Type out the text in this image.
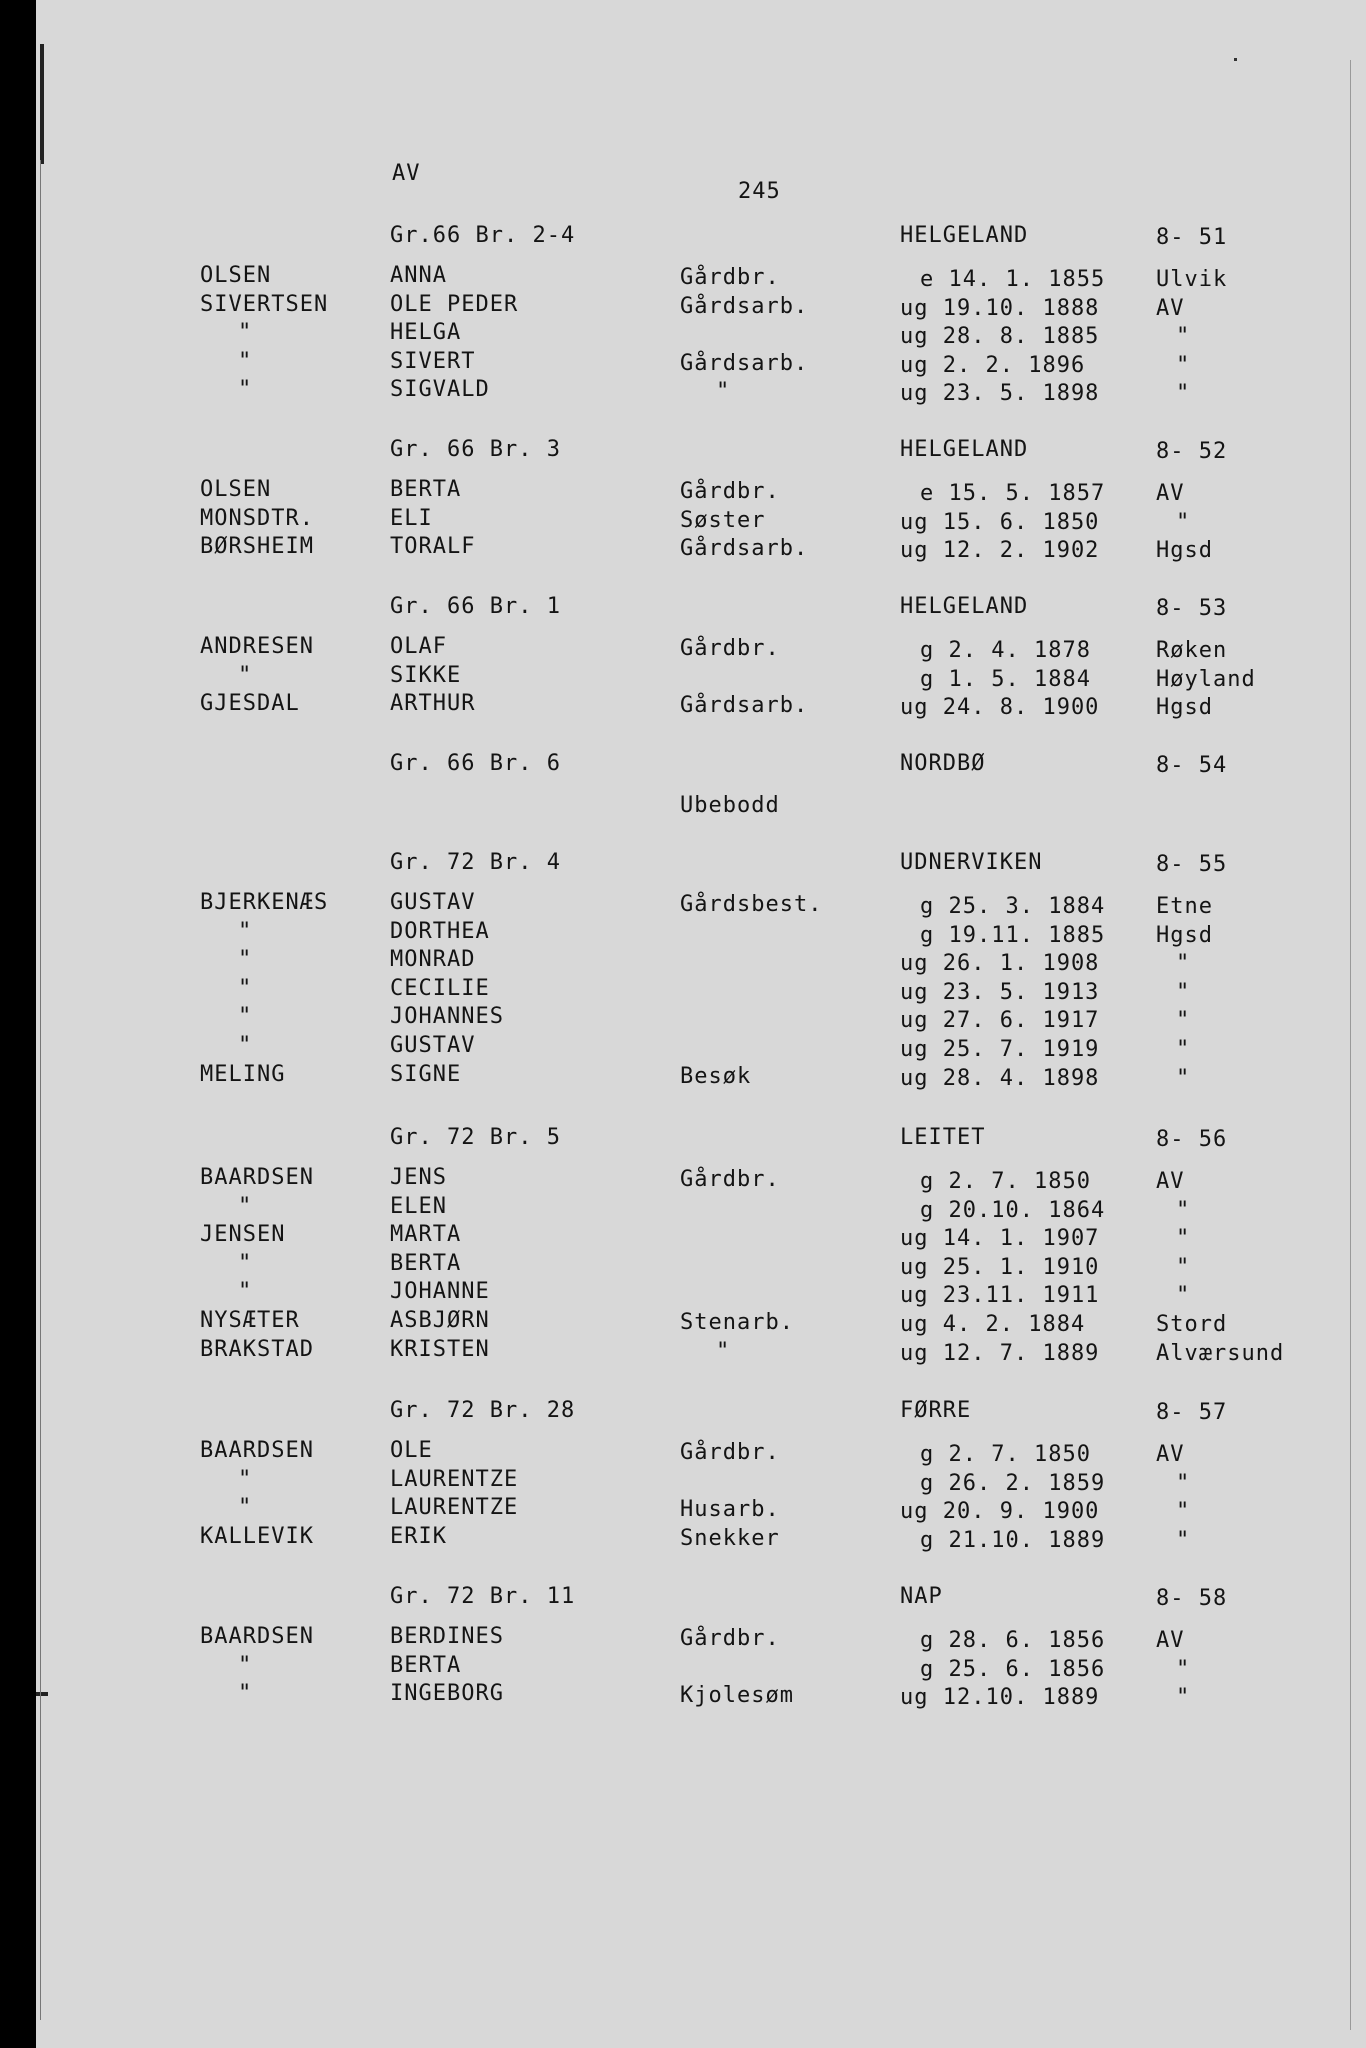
AV
245
Gr.66 Br. 2-4	HELGELAND	8- 51
OLSEN	ANNA	Gårdbr.	e 14. 1. 1855 Ulvik
SIVERTSEN	OLE PEDER	Gårdsarb.	ug 19.10. 1888	AV
"	HELGA	ug 28. 8. 1885	"
"	SIVERT	Gårdsarb.	ug 2. 2. 1896	"
"	SIGVALD	"	ug 23. 5. 1898	"
Gr. 66 Br. 3	HELGELAND	8- 52
OLSEN	BERTA	Gårdbr.	e 15. 5. 1857 AV
MONSDTR.	ELI	Søster	ug 15. 6. 1850	"
BØRSHEIM	TORALF	Gårdsarb.	ug 12. 2. 1902	Hgsd
Gr. 66 Br. 1	HELGELAND	8- 53
ANDRESEN	OLAF	Gårdbr.	g 2. 4. 1878	Røken
"	SIKKE	g 1. 5. 1884	Høyland
GJESDAL	ARTHUR	Gårdsarb.	ug 24. 8. 1900	Hgsd
Gr. 66 Br. 6	NORDBØ	8- 54
Ubebodd
Gr. 72 Br. 4	UDNERVIKEN	8- 55
BJERKENÆS	GUSTAV	Gårdsbest.	g 25. 3. 1884 Etne
"	DORTHEA	g 19.11. 1885 Hgsd
"	MONRAD	ug 26. 1. 1908	"
"	CECILIE	ug 23. 5. 1913	"
"	JOHANNES	ug 27. 6. 1917	"
"	GUSTAV	ug 25. 7. 1919	"
MELING	SIGNE	Besøk	ug 28. 4. 1898	"
Gr. 72 Br. 5	LEITET	8- 56
BAARDSEN	JENS	Gårdbr.	g 2. 7. 1850	AV
"	ELEN	g 20.10. 1864	"
JENSEN	MARTA	ug 14. 1. 1907	"
"	BERTA	ug 25. 1. 1910	"
"	JOHANNE	ug 23.11. 1911	"
NYSÆTER	ASBJØRN	Stenarb.	ug 4. 2. 1884	Stord
BRAKSTAD	KRISTEN	"	ug 12. 7. 1889	Alværsund
Gr. 72 Br. 28	FØRRE	8- 57
BAARDSEN	OLE	Gårdbr.	g 2. 7. 1850	AV
"	LAURENTZE	g 26. 2. 1859	"
"	LAURENTZE	Husarb.	ug 20. 9. 1900	"
KALLEVIK	ERIK	Snekker	g 21.10. 1889	"
Gr. 72 Br. 11	NAP	8- 58
BAARDSEN	BERDINES	Gårdbr.	g 28. 6. 1856 AV
"	BERTA	g 25. 6. 1856	"
"	INGEBORG	Kjolesøm	ug 12.10. 1889	"
